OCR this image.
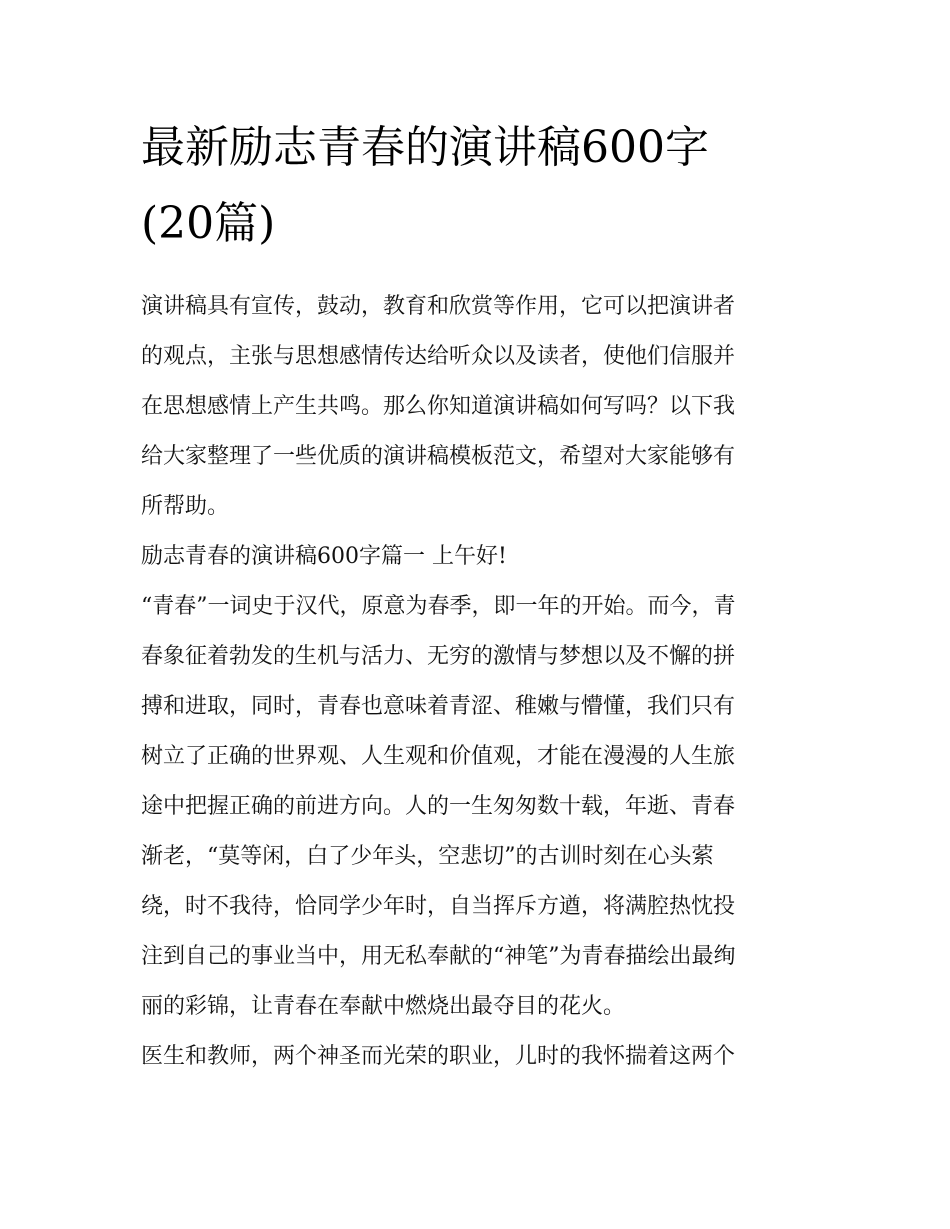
最新励志青春的演讲稿600字
(20篇)

演讲稿具有宣传，鼓动，教育和欣赏等作用，它可以把演讲者
的观点，主张与思想感情传达给听众以及读者，使他们信服并
在思想感情上产生共鸣。那么你知道演讲稿如何写吗？以下我
给大家整理了一些优质的演讲稿模板范文，希望对大家能够有
所帮助。

励志青春的演讲稿600字篇一 上午好!

“青春”一词史于汉代，原意为春季，即一年的开始。而今，青
春象征着勃发的生机与活力、无穷的激情与梦想以及不懈的拼
搏和进取，同时，青春也意味着青涩、稚嫩与懵懂，我们只有
树立了正确的世界观、人生观和价值观，才能在漫漫的人生旅
途中把握正确的前进方向。人的一生匆匆数十载，年逝、青春
渐老，“莫等闲，白了少年头，空悲切”的古训时刻在心头萦
绕，时不我待，恰同学少年时，自当挥斥方遒，将满腔热忱投
注到自己的事业当中，用无私奉献的“神笔”为青春描绘出最绚
丽的彩锦，让青春在奉献中燃烧出最夺目的花火。

医生和教师，两个神圣而光荣的职业，儿时的我怀揣着这两个
